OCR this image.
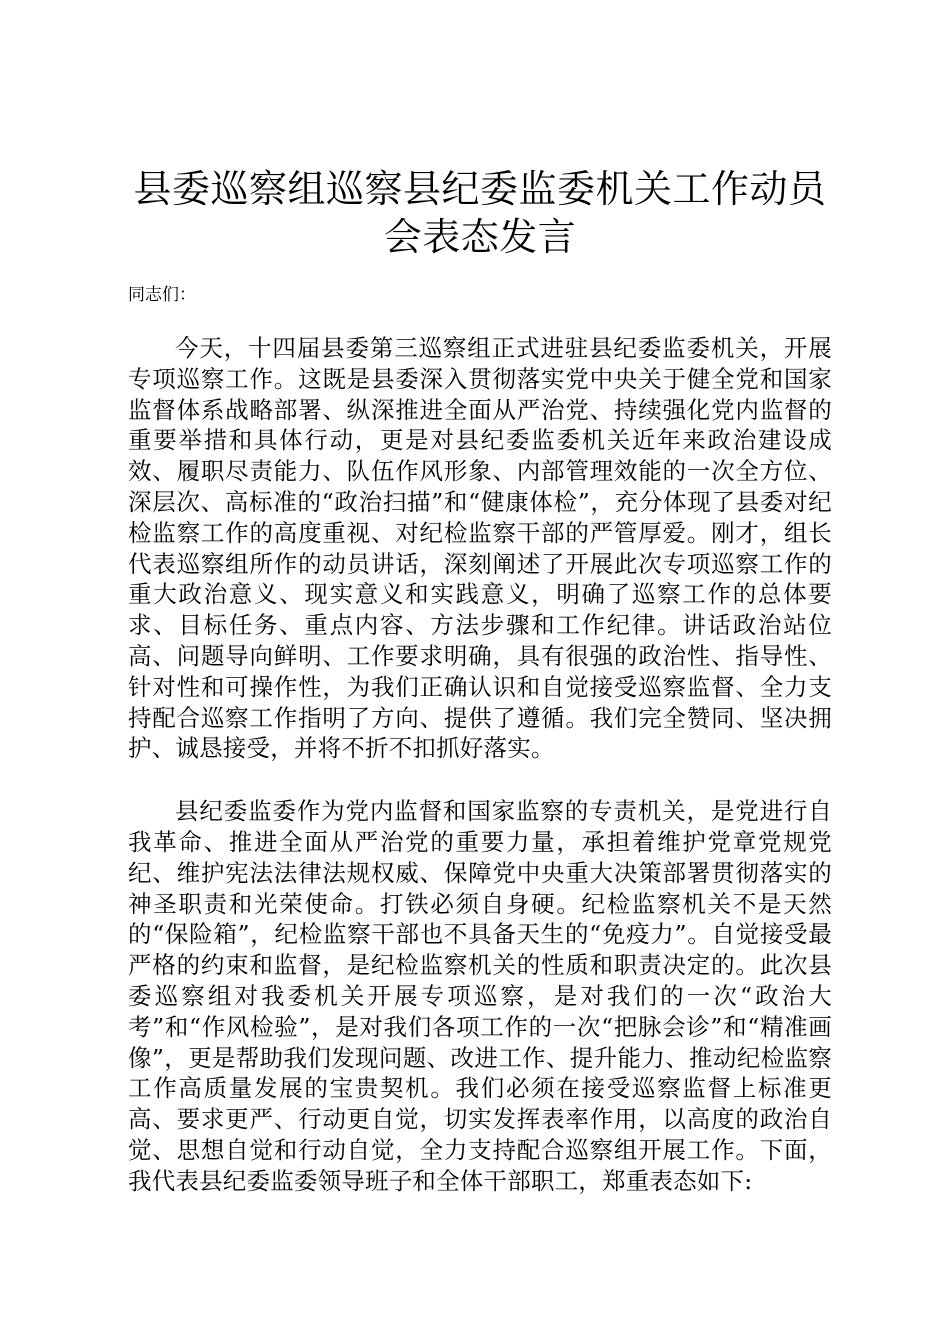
县委巡察组巡察县纪委监委机关工作动员会表态发言

同志们：

今天，十四届县委第三巡察组正式进驻县纪委监委机关，开展专项巡察工作。这既是县委深入贯彻落实党中央关于健全党和国家监督体系战略部署、纵深推进全面从严治党、持续强化党内监督的重要举措和具体行动，更是对县纪委监委机关近年来政治建设成效、履职尽责能力、队伍作风形象、内部管理效能的一次全方位、深层次、高标准的“政治扫描”和“健康体检”，充分体现了县委对纪检监察工作的高度重视、对纪检监察干部的严管厚爱。刚才，组长代表巡察组所作的动员讲话，深刻阐述了开展此次专项巡察工作的重大政治意义、现实意义和实践意义，明确了巡察工作的总体要求、目标任务、重点内容、方法步骤和工作纪律。讲话政治站位高、问题导向鲜明、工作要求明确，具有很强的政治性、指导性、针对性和可操作性，为我们正确认识和自觉接受巡察监督、全力支持配合巡察工作指明了方向、提供了遵循。我们完全赞同、坚决拥护、诚恳接受，并将不折不扣抓好落实。

县纪委监委作为党内监督和国家监察的专责机关，是党进行自我革命、推进全面从严治党的重要力量，承担着维护党章党规党纪、维护宪法法律法规权威、保障党中央重大决策部署贯彻落实的神圣职责和光荣使命。打铁必须自身硬。纪检监察机关不是天然的“保险箱”，纪检监察干部也不具备天生的“免疫力”。自觉接受最严格的约束和监督，是纪检监察机关的性质和职责决定的。此次县委巡察组对我委机关开展专项巡察，是对我们的一次“政治大考”和“作风检验”，是对我们各项工作的一次“把脉会诊”和“精准画像”，更是帮助我们发现问题、改进工作、提升能力、推动纪检监察工作高质量发展的宝贵契机。我们必须在接受巡察监督上标准更高、要求更严、行动更自觉，切实发挥表率作用，以高度的政治自觉、思想自觉和行动自觉，全力支持配合巡察组开展工作。下面，我代表县纪委监委领导班子和全体干部职工，郑重表态如下:
